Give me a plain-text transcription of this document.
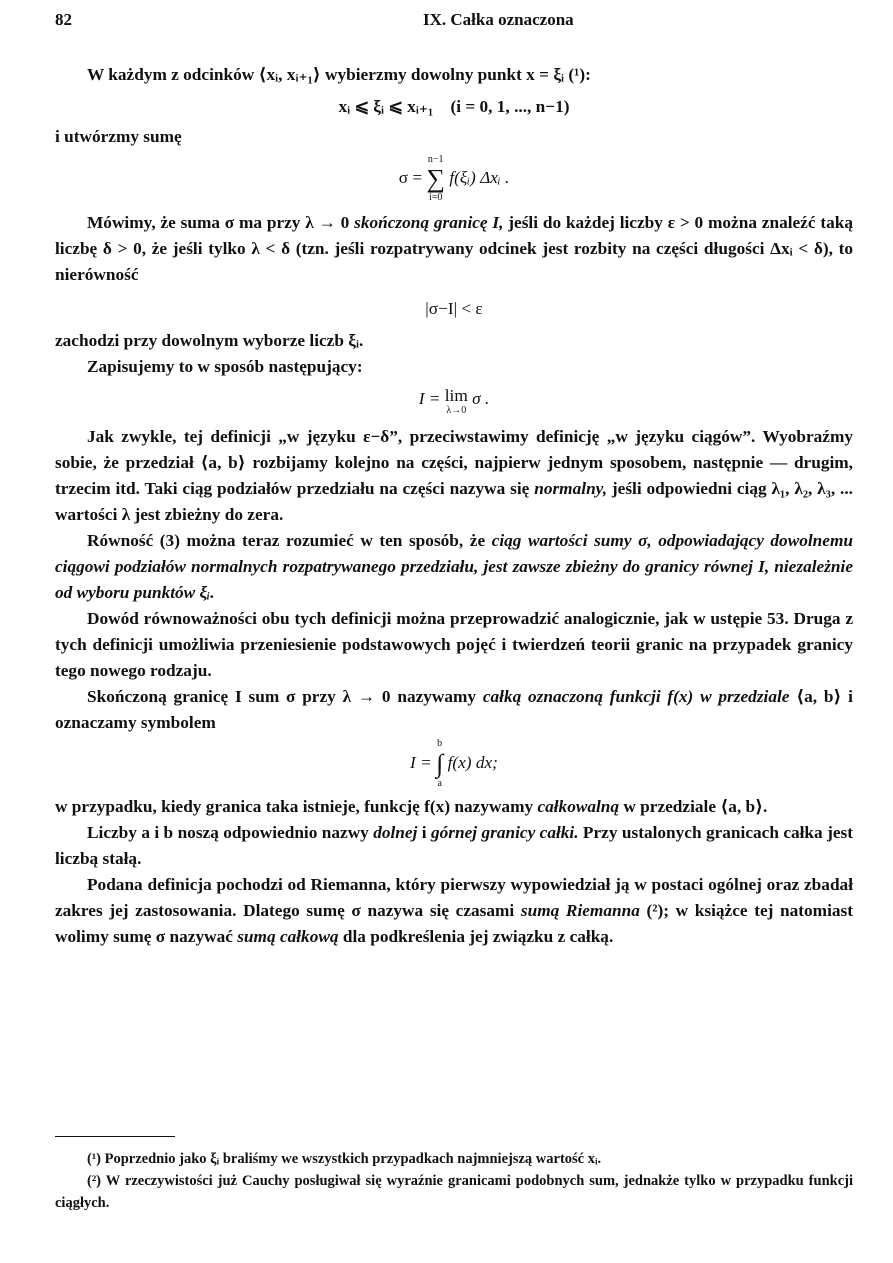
82	IX. Całka oznaczona

W każdym z odcinków ⟨xᵢ, xᵢ₊₁⟩ wybierzmy dowolny punkt x = ξᵢ (¹):

xᵢ ⩽ ξᵢ ⩽ xᵢ₊₁    (i = 0, 1, ..., n−1)

i utwórzmy sumę

σ =
n−1
∑
i=0
f(ξᵢ) Δxᵢ .

Mówimy, że suma σ ma przy λ → 0 skończoną granicę I, jeśli do każdej liczby ε > 0 można znaleźć taką liczbę δ > 0, że jeśli tylko λ < δ (tzn. jeśli rozpatrywany odcinek jest rozbity na części długości Δxᵢ < δ), to nierówność

|σ−I| < ε

zachodzi przy dowolnym wyborze liczb ξᵢ.

Zapisujemy to w sposób następujący:

I = lim
λ→0
σ .

Jak zwykle, tej definicji „w języku ε−δ”, przeciwstawimy definicję „w języku ciągów”. Wyobraźmy sobie, że przedział ⟨a, b⟩ rozbijamy kolejno na części, najpierw jednym sposobem, następnie — drugim, trzecim itd. Taki ciąg podziałów przedziału na części nazywa się normalny, jeśli odpowiedni ciąg λ₁, λ₂, λ₃, ... wartości λ jest zbieżny do zera.

Równość (3) można teraz rozumieć w ten sposób, że ciąg wartości sumy σ, odpowiadający dowolnemu ciągowi podziałów normalnych rozpatrywanego przedziału, jest zawsze zbieżny do granicy równej I, niezależnie od wyboru punktów ξᵢ.

Dowód równoważności obu tych definicji można przeprowadzić analogicznie, jak w ustępie 53. Druga z tych definicji umożliwia przeniesienie podstawowych pojęć i twierdzeń teorii granic na przypadek granicy tego nowego rodzaju.

Skończoną granicę I sum σ przy λ → 0 nazywamy całką oznaczoną funkcji f(x) w przedziale ⟨a, b⟩ i oznaczamy symbolem

I =
b
∫
a
f(x) dx;

w przypadku, kiedy granica taka istnieje, funkcję f(x) nazywamy całkowalną w przedziale ⟨a, b⟩.

Liczby a i b noszą odpowiednio nazwy dolnej i górnej granicy całki. Przy ustalonych granicach całka jest liczbą stałą.

Podana definicja pochodzi od Riemanna, który pierwszy wypowiedział ją w postaci ogólnej oraz zbadał zakres jej zastosowania. Dlatego sumę σ nazywa się czasami sumą Riemanna (²); w książce tej natomiast wolimy sumę σ nazywać sumą całkową dla podkreślenia jej związku z całką.

(¹) Poprzednio jako ξᵢ braliśmy we wszystkich przypadkach najmniejszą wartość xᵢ.
(²) W rzeczywistości już Cauchy posługiwał się wyraźnie granicami podobnych sum, jednakże tylko w przypadku funkcji ciągłych.
